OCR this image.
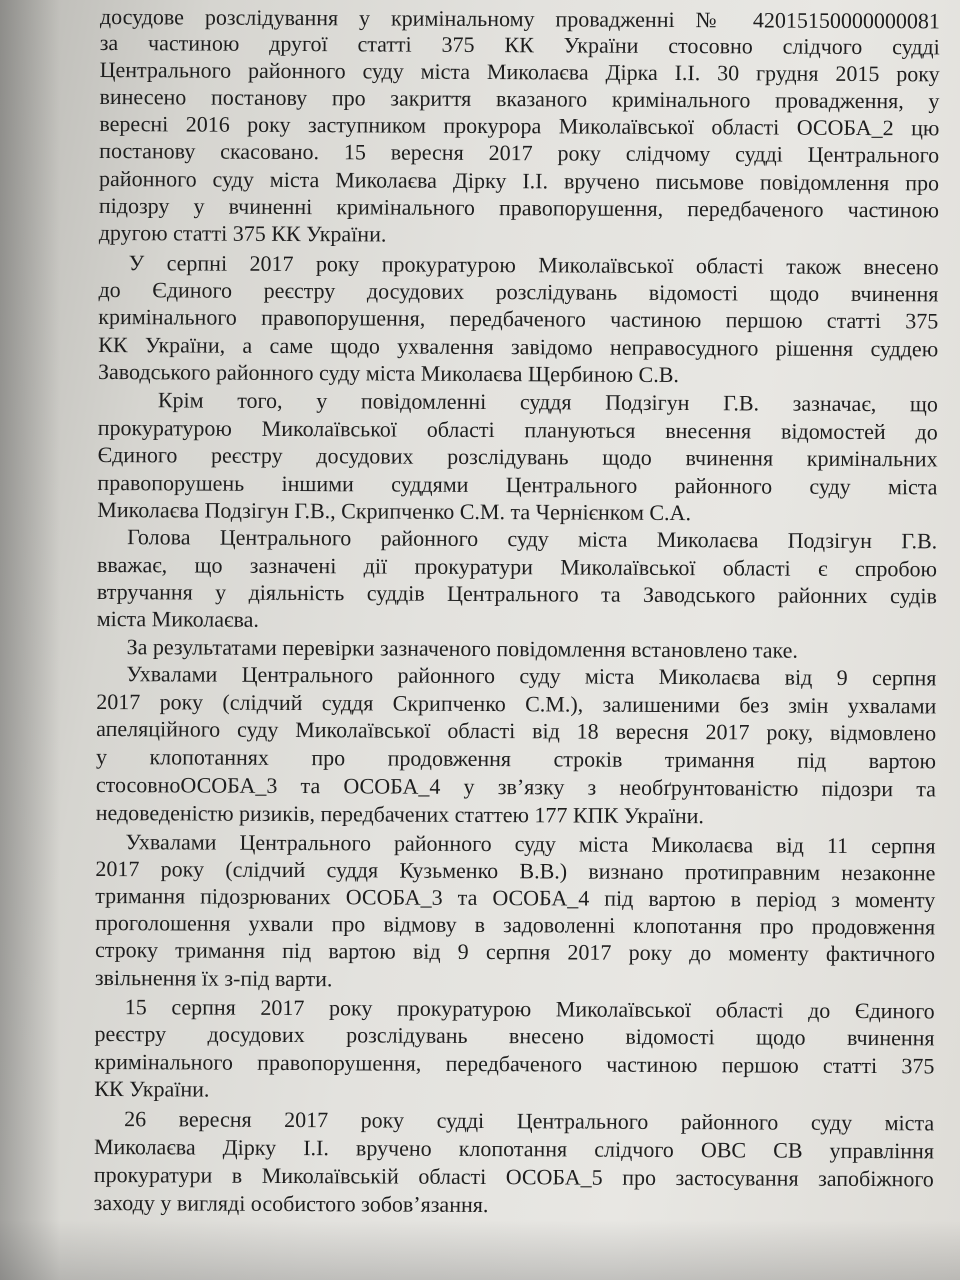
досудове розслідування у кримінальному провадженні № 42015150000000081
за частиною другої статті 375 КК України стосовно слідчого судді
Центрального районного суду міста Миколаєва Дірка І.І. 30 грудня 2015 року
винесено постанову про закриття вказаного кримінального провадження, у
вересні 2016 року заступником прокурора Миколаївської області ОСОБА_2 цю
постанову скасовано. 15 вересня 2017 року слідчому судді Центрального
районного суду міста Миколаєва Дірку І.І. вручено письмове повідомлення про
підозру у вчиненні кримінального правопорушення, передбаченого частиною
другою статті 375 КК України.
У серпні 2017 року прокуратурою Миколаївської області також внесено
до Єдиного реєстру досудових розслідувань відомості щодо вчинення
кримінального правопорушення, передбаченого частиною першою статті 375
КК України, а саме щодо ухвалення завідомо неправосудного рішення суддею
Заводського районного суду міста Миколаєва Щербиною С.В.
Крім того, у повідомленні суддя Подзігун Г.В. зазначає, що
прокуратурою Миколаївської області плануються внесення відомостей до
Єдиного реєстру досудових розслідувань щодо вчинення кримінальних
правопорушень іншими суддями Центрального районного суду міста
Миколаєва Подзігун Г.В., Скрипченко С.М. та Чернієнком С.А.
Голова Центрального районного суду міста Миколаєва Подзігун Г.В.
вважає, що зазначені дії прокуратури Миколаївської області є спробою
втручання у діяльність суддів Центрального та Заводського районних судів
міста Миколаєва.
За результатами перевірки зазначеного повідомлення встановлено таке.
Ухвалами Центрального районного суду міста Миколаєва від 9 серпня
2017 року (слідчий суддя Скрипченко С.М.), залишеними без змін ухвалами
апеляційного суду Миколаївської області від 18 вересня 2017 року, відмовлено
у клопотаннях про продовження строків тримання під вартою
стосовноОСОБА_3 та ОСОБА_4 у зв’язку з необґрунтованістю підозри та
недоведеністю ризиків, передбачених статтею 177 КПК України.
Ухвалами Центрального районного суду міста Миколаєва від 11 серпня
2017 року (слідчий суддя Кузьменко В.В.) визнано протиправним незаконне
тримання підозрюваних ОСОБА_3 та ОСОБА_4 під вартою в період з моменту
проголошення ухвали про відмову в задоволенні клопотання про продовження
строку тримання під вартою від 9 серпня 2017 року до моменту фактичного
звільнення їх з-під варти.
15 серпня 2017 року прокуратурою Миколаївської області до Єдиного
реєстру досудових розслідувань внесено відомості щодо вчинення
кримінального правопорушення, передбаченого частиною першою статті 375
КК України.
26 вересня 2017 року судді Центрального районного суду міста
Миколаєва Дірку І.І. вручено клопотання слідчого ОВС СВ управління
прокуратури в Миколаївській області ОСОБА_5 про застосування запобіжного
заходу у вигляді особистого зобов’язання.
